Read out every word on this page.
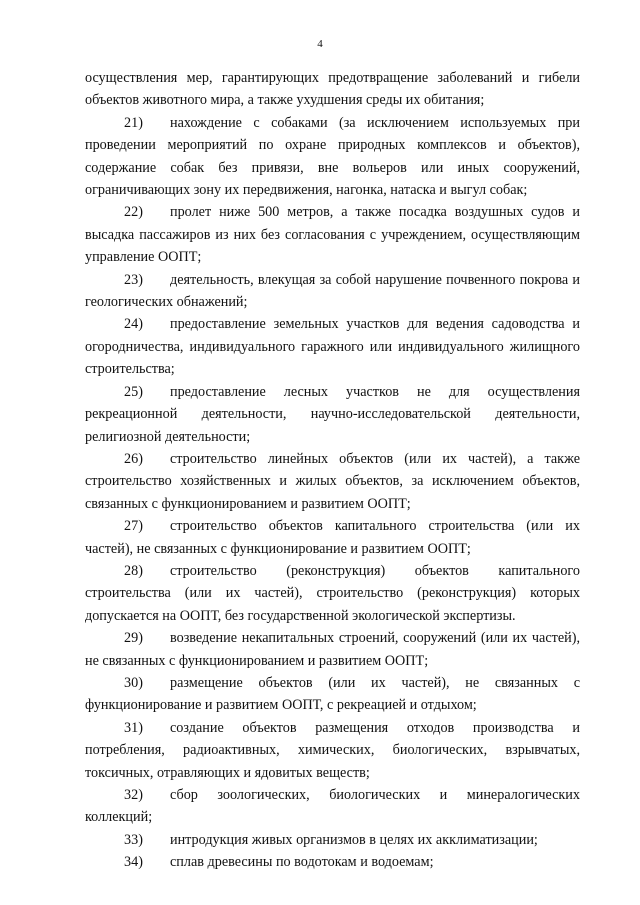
4

осуществления мер, гарантирующих предотвращение заболеваний и гибели объектов животного мира, а также ухудшения среды их обитания;

21) нахождение с собаками (за исключением используемых при проведении мероприятий по охране природных комплексов и объектов), содержание собак без привязи, вне вольеров или иных сооружений, ограничивающих зону их передвижения, нагонка, натаска и выгул собак;

22) пролет ниже 500 метров, а также посадка воздушных судов и высадка пассажиров из них без согласования с учреждением, осуществляющим управление ООПТ;

23) деятельность, влекущая за собой нарушение почвенного покрова и геологических обнажений;

24) предоставление земельных участков для ведения садоводства и огородничества, индивидуального гаражного или индивидуального жилищного строительства;

25) предоставление лесных участков не для осуществления рекреационной деятельности, научно-исследовательской деятельности, религиозной деятельности;

26) строительство линейных объектов (или их частей), а также строительство хозяйственных и жилых объектов, за исключением объектов, связанных с функционированием и развитием ООПТ;

27) строительство объектов капитального строительства (или их частей), не связанных с функционирование и развитием ООПТ;

28) строительство (реконструкция) объектов капитального строительства (или их частей), строительство (реконструкция) которых допускается на ООПТ, без государственной экологической экспертизы.

29) возведение некапитальных строений, сооружений (или их частей), не связанных с функционированием и развитием ООПТ;

30) размещение объектов (или их частей), не связанных с функционирование и развитием ООПТ, с рекреацией и отдыхом;

31) создание объектов размещения отходов производства и потребления, радиоактивных, химических, биологических, взрывчатых, токсичных, отравляющих и ядовитых веществ;

32) сбор зоологических, биологических и минералогических коллекций;

33) интродукция живых организмов в целях их акклиматизации;

34) сплав древесины по водотокам и водоемам;
